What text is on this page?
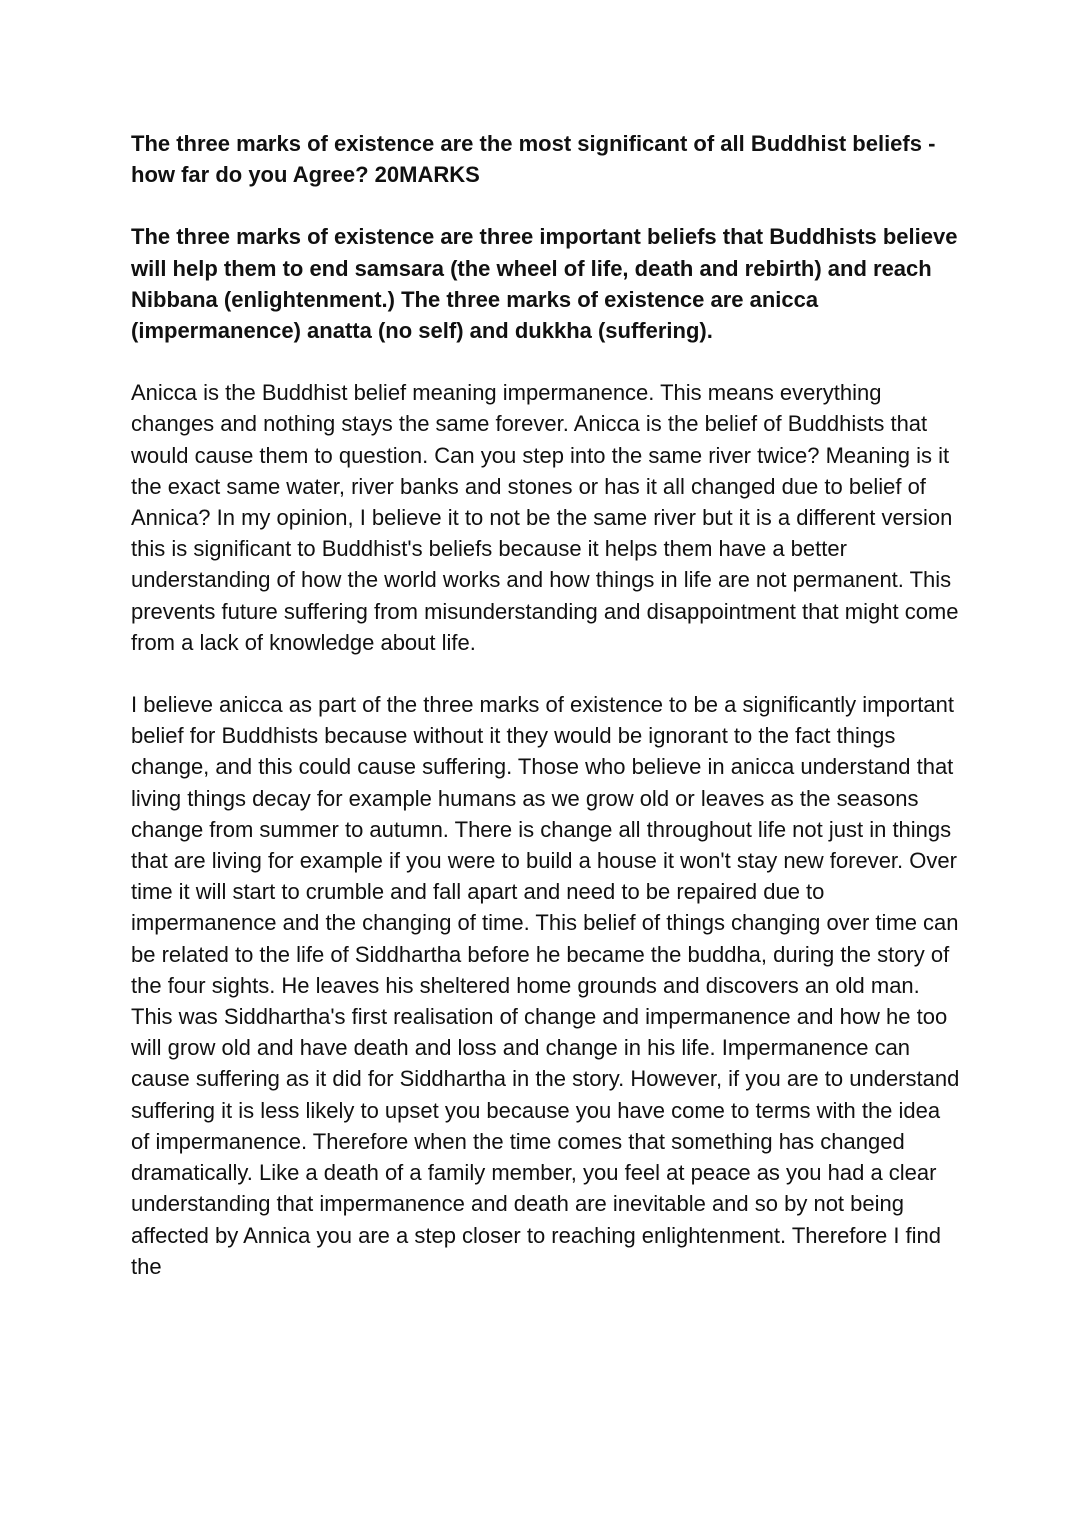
The three marks of existence are the most significant of all Buddhist beliefs - how far do you Agree? 20MARKS

The three marks of existence are three important beliefs that Buddhists believe will help them to end samsara (the wheel of life, death and rebirth) and reach Nibbana (enlightenment.) The three marks of existence are anicca (impermanence) anatta (no self) and dukkha (suffering).

Anicca is the Buddhist belief meaning impermanence. This means everything changes and nothing stays the same forever. Anicca is the belief of Buddhists that would cause them to question. Can you step into the same river twice? Meaning is it the exact same water, river banks and stones or has it all changed due to belief of Annica? In my opinion, I believe it to not be the same river but it is a different version this is significant to Buddhist's beliefs because it helps them have a better understanding of how the world works and how things in life are not permanent. This prevents future suffering from misunderstanding and disappointment that might come from a lack of knowledge about life.

I believe anicca as part of the three marks of existence to be a significantly important belief for Buddhists because without it they would be ignorant to the fact things change, and this could cause suffering. Those who believe in anicca understand that living things decay for example humans as we grow old or leaves as the seasons change from summer to autumn. There is change all throughout life not just in things that are living for example if you were to build a house it won't stay new forever. Over time it will start to crumble and fall apart and need to be repaired due to impermanence and the changing of time. This belief of things changing over time can be related to the life of Siddhartha before he became the buddha, during the story of the four sights. He leaves his sheltered home grounds and discovers an old man. This was Siddhartha's first realisation of change and impermanence and how he too will grow old and have death and loss and change in his life. Impermanence can cause suffering as it did for Siddhartha in the story. However, if you are to understand suffering it is less likely to upset you because you have come to terms with the idea of impermanence. Therefore when the time comes that something has changed dramatically. Like a death of a family member, you feel at peace as you had a clear understanding that impermanence and death are inevitable and so by not being affected by Annica you are a step closer to reaching enlightenment. Therefore I find the
